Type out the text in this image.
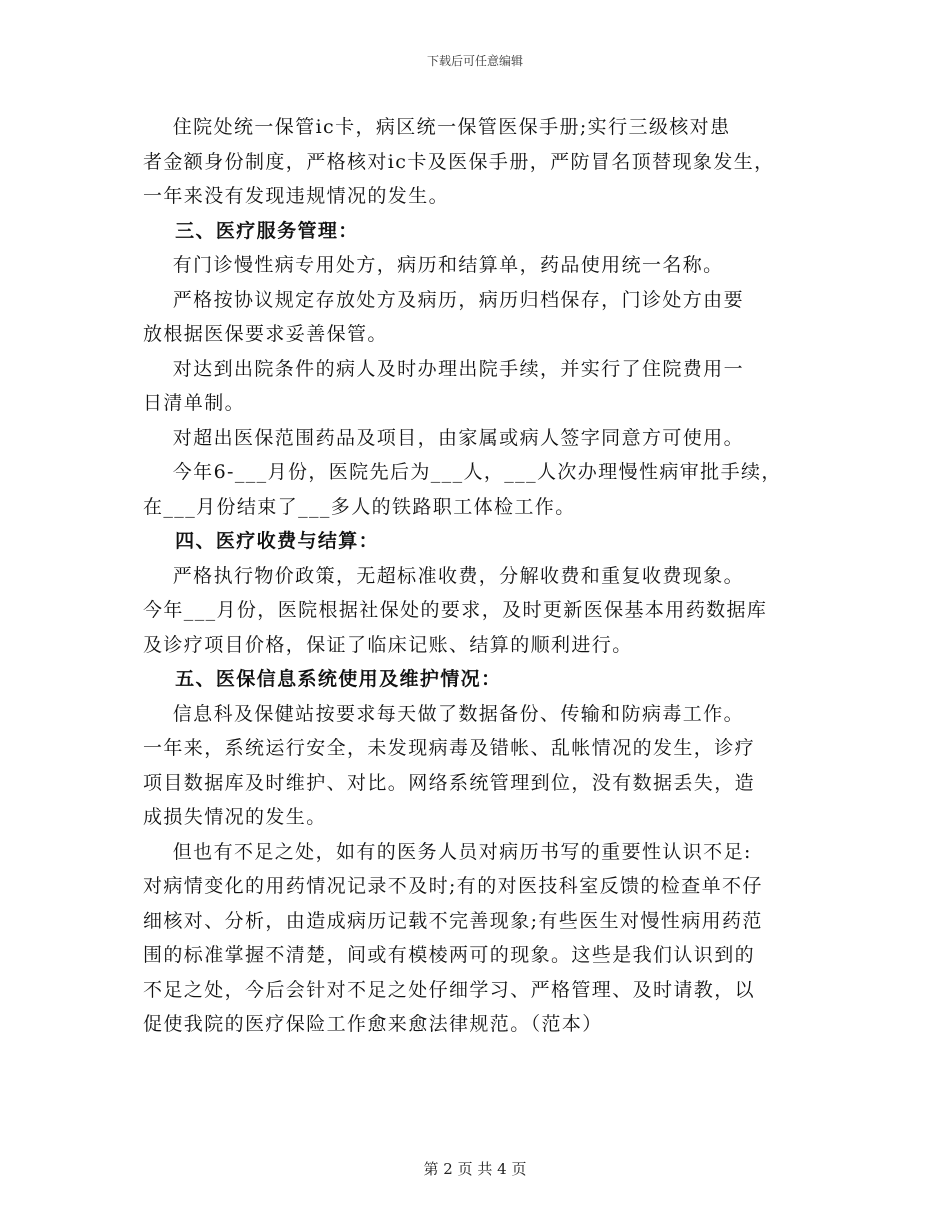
下载后可任意编辑

住院处统一保管ic卡，病区统一保管医保手册;实行三级核对患
者金额身份制度，严格核对ic卡及医保手册，严防冒名顶替现象发生，
一年来没有发现违规情况的发生。

三、医疗服务管理：

有门诊慢性病专用处方，病历和结算单，药品使用统一名称。

严格按协议规定存放处方及病历，病历归档保存，门诊处方由要
放根据医保要求妥善保管。

对达到出院条件的病人及时办理出院手续，并实行了住院费用一
日清单制。

对超出医保范围药品及项目，由家属或病人签字同意方可使用。

今年6-___月份，医院先后为___人，___人次办理慢性病审批手续，
在___月份结束了___多人的铁路职工体检工作。

四、医疗收费与结算：

严格执行物价政策，无超标准收费，分解收费和重复收费现象。
今年___月份，医院根据社保处的要求，及时更新医保基本用药数据库
及诊疗项目价格，保证了临床记账、结算的顺利进行。

五、医保信息系统使用及维护情况：

信息科及保健站按要求每天做了数据备份、传输和防病毒工作。
一年来，系统运行安全，未发现病毒及错帐、乱帐情况的发生，诊疗
项目数据库及时维护、对比。网络系统管理到位，没有数据丢失，造
成损失情况的发生。

但也有不足之处，如有的医务人员对病历书写的重要性认识不足:
对病情变化的用药情况记录不及时;有的对医技科室反馈的检查单不仔
细核对、分析，由造成病历记载不完善现象;有些医生对慢性病用药范
围的标准掌握不清楚，间或有模棱两可的现象。这些是我们认识到的
不足之处，今后会针对不足之处仔细学习、严格管理、及时请教，以
促使我院的医疗保险工作愈来愈法律规范。（范本）

第 2 页 共 4 页
